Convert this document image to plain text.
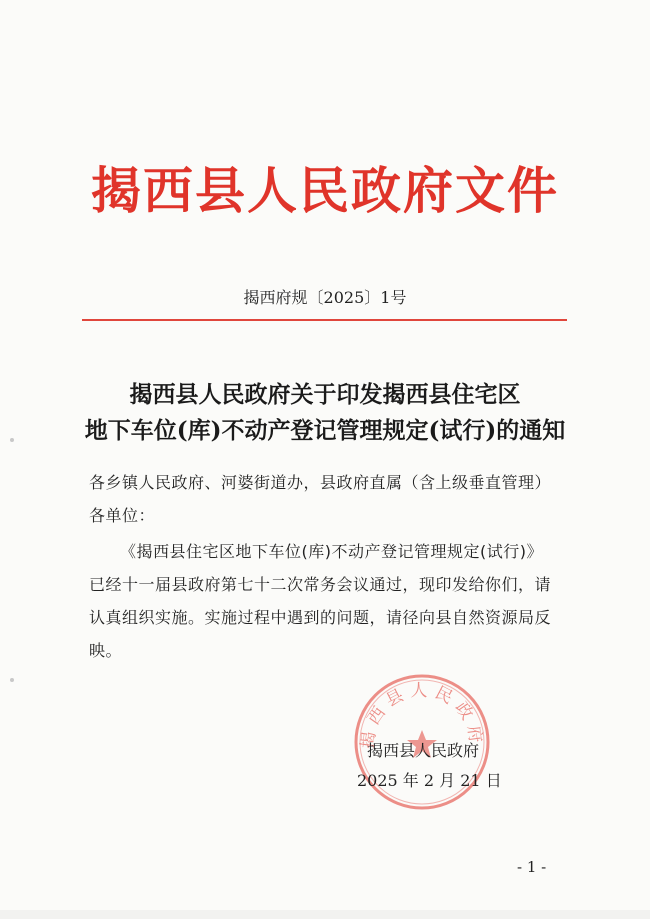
揭西县人民政府文件
揭西府规〔2025〕1号
揭西县人民政府关于印发揭西县住宅区
地下车位(库)不动产登记管理规定(试行)的通知
各乡镇人民政府、河婆街道办，县政府直属（含上级垂直管理）
各单位：
《揭西县住宅区地下车位(库)不动产登记管理规定(试行)》
已经十一届县政府第七十二次常务会议通过，现印发给你们，请
认真组织实施。实施过程中遇到的问题，请径向县自然资源局反
映。
揭西县人民政府
揭西县人民政府
2025 年 2 月 21 日
- 1 -
